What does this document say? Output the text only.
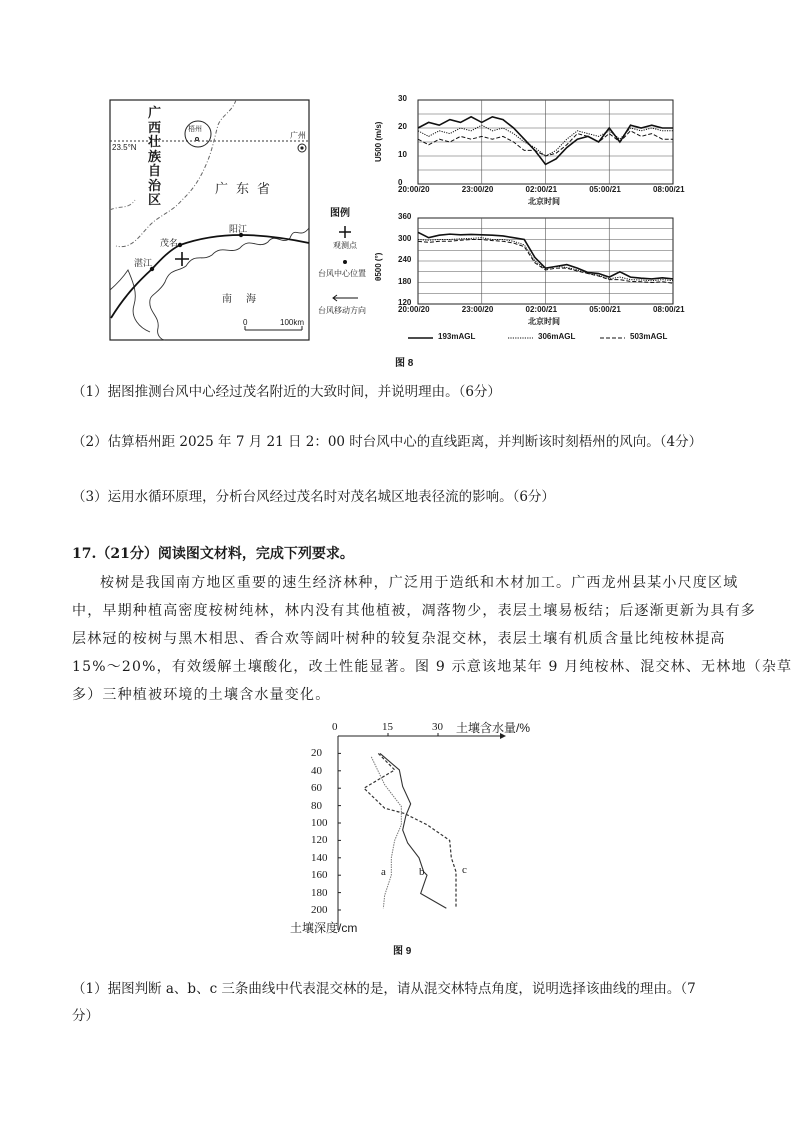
广西壮族自治区
23.5°N
梧州
广州
广东省
阳江
茂名
湛江
南海
0	100km
图例
观测点
台风中心位置
台风移动方向
0
10
20
30
20:00/20	23:00/20	02:00/21	05:00/21	08:00/21
北京时间
U500 (m/s)
120
180
240
300
360
20:00/20	23:00/20	02:00/21	05:00/21	08:00/21
北京时间
θ500 (°)
193mAGL	306mAGL	503mAGL
图 8
（1）据图推测台风中心经过茂名附近的大致时间，并说明理由。（6分）
（2）估算梧州距 2025 年 7 月 21 日 2：00 时台风中心的直线距离，并判断该时刻梧州的风向。（4分）
（3）运用水循环原理，分析台风经过茂名时对茂名城区地表径流的影响。（6分）
17.（21分）阅读图文材料，完成下列要求。
桉树是我国南方地区重要的速生经济林种，广泛用于造纸和木材加工。广西龙州县某小尺度区域
中，早期种植高密度桉树纯林，林内没有其他植被，凋落物少，表层土壤易板结；后逐渐更新为具有多
层林冠的桉树与黑木相思、香合欢等阔叶树种的较复杂混交林，表层土壤有机质含量比纯桉林提高
15%～20%，有效缓解土壤酸化，改土性能显著。图 9 示意该地某年 9 月纯桉林、混交林、无林地（杂草
多）三种植被环境的土壤含水量变化。
0	15	30
20
40
60
80
100
120
140
160
180
200
a	b	c
土壤深度/cm
土壤含水量/%
图 9
（1）据图判断 a、b、c 三条曲线中代表混交林的是，请从混交林特点角度，说明选择该曲线的理由。（7
分）
